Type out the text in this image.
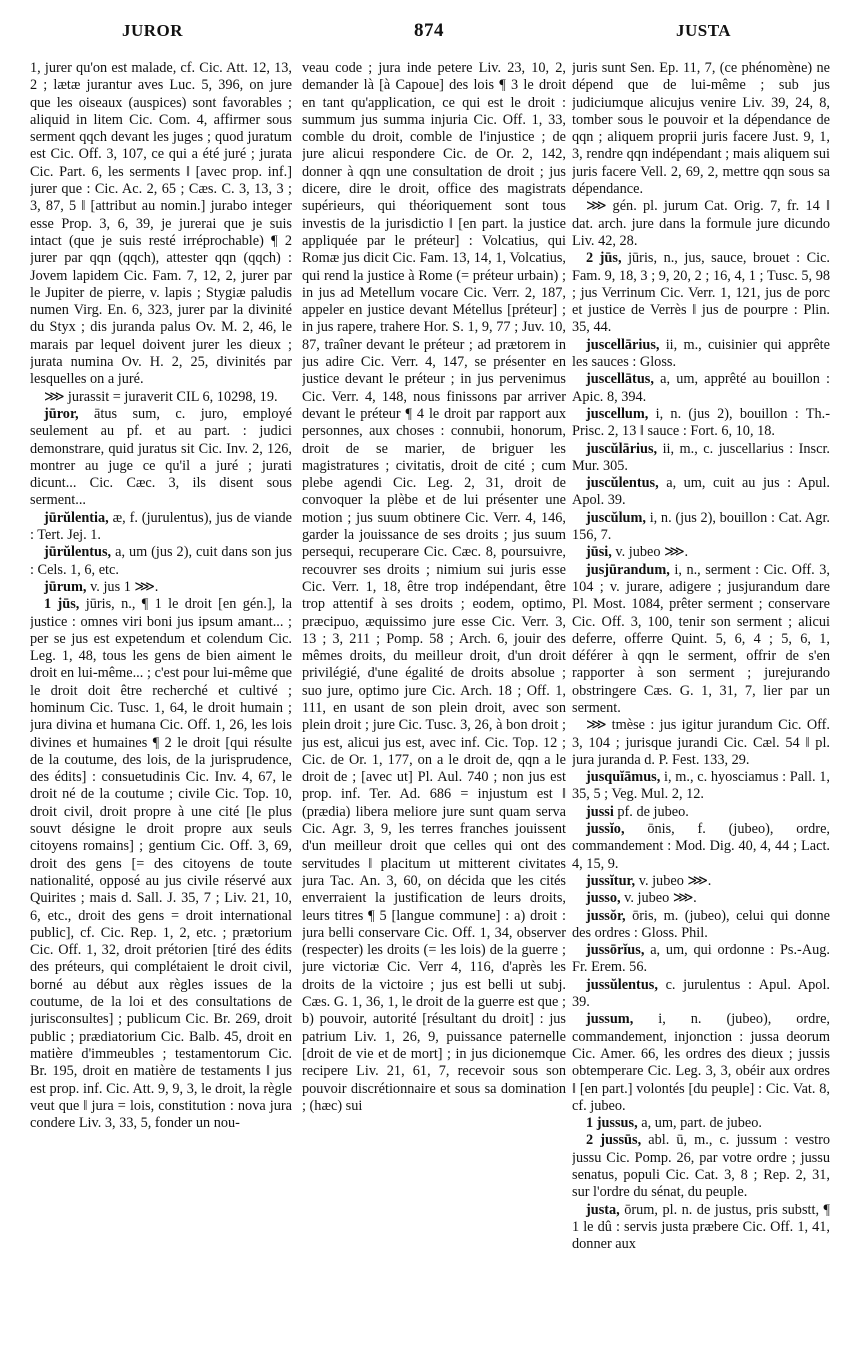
JUROR	874	JUSTA

1, jurer qu'on est malade, cf. Cic. Att. 12, 13, 2 ; lætæ jurantur aves Luc. 5, 396, on jure que les oiseaux (auspices) sont favorables ; aliquid in litem Cic. Com. 4, affirmer sous serment qqch devant les juges ; quod juratum est Cic. Off. 3, 107, ce qui a été juré ; jurata Cic. Part. 6, les serments ‖ [avec prop. inf.] jurer que : Cic. Ac. 2, 65 ; Cæs. C. 3, 13, 3 ; 3, 87, 5 ‖ [attribut au nomin.] jurabo integer esse Prop. 3, 6, 39, je jurerai que je suis intact (que je suis resté irréprochable) ¶ 2 jurer par qqn (qqch), attester qqn (qqch) : Jovem lapidem Cic. Fam. 7, 12, 2, jurer par le Jupiter de pierre, v. lapis ; Stygiæ paludis numen Virg. En. 6, 323, jurer par la divinité du Styx ; dis juranda palus Ov. M. 2, 46, le marais par lequel doivent jurer les dieux ; jurata numina Ov. H. 2, 25, divinités par lesquelles on a juré.

⋙ jurassit = juraverit CIL 6, 10298, 19.

jūror, ātus sum, c. juro, employé seulement au pf. et au part. : judici demonstrare, quid juratus sit Cic. Inv. 2, 126, montrer au juge ce qu'il a juré ; jurati dicunt... Cic. Cæc. 3, ils disent sous serment...

jūrŭlentia, æ, f. (jurulentus), jus de viande : Tert. Jej. 1.

jūrŭlentus, a, um (jus 2), cuit dans son jus : Cels. 1, 6, etc.

jūrum, v. jus 1 ⋙.

1 jūs, jūris, n., ¶ 1 le droit [en gén.], la justice : omnes viri boni jus ipsum amant... ; per se jus est expetendum et colendum Cic. Leg. 1, 48, tous les gens de bien aiment le droit en lui-même... ; c'est pour lui-même que le droit doit être recherché et cultivé ; hominum Cic. Tusc. 1, 64, le droit humain ; jura divina et humana Cic. Off. 1, 26, les lois divines et humaines ¶ 2 le droit [qui résulte de la coutume, des lois, de la jurisprudence, des édits] : consuetudinis Cic. Inv. 4, 67, le droit né de la coutume ; civile Cic. Top. 10, droit civil, droit propre à une cité [le plus souvt désigne le droit propre aux seuls citoyens romains] ; gentium Cic. Off. 3, 69, droit des gens [= des citoyens de toute nationalité, opposé au jus civile réservé aux Quirites ; mais d. Sall. J. 35, 7 ; Liv. 21, 10, 6, etc., droit des gens = droit international public], cf. Cic. Rep. 1, 2, etc. ; prætorium Cic. Off. 1, 32, droit prétorien [tiré des édits des préteurs, qui complétaient le droit civil, borné au début aux règles issues de la coutume, de la loi et des consultations de jurisconsultes] ; publicum Cic. Br. 269, droit public ; prædiatorium Cic. Balb. 45, droit en matière d'immeubles ; testamentorum Cic. Br. 195, droit en matière de testaments ‖ jus est prop. inf. Cic. Att. 9, 9, 3, le droit, la règle veut que ‖ jura = lois, constitution : nova jura condere Liv. 3, 33, 5, fonder un nou-

veau code ; jura inde petere Liv. 23, 10, 2, demander là [à Capoue] des lois ¶ 3 le droit en tant qu'application, ce qui est le droit : summum jus summa injuria Cic. Off. 1, 33, comble du droit, comble de l'injustice ; de jure alicui respondere Cic. de Or. 2, 142, donner à qqn une consultation de droit ; jus dicere, dire le droit, office des magistrats supérieurs, qui théoriquement sont tous investis de la jurisdictio ‖ [en part. la justice appliquée par le préteur] : Volcatius, qui Romæ jus dicit Cic. Fam. 13, 14, 1, Volcatius, qui rend la justice à Rome (= préteur urbain) ; in jus ad Metellum vocare Cic. Verr. 2, 187, appeler en justice devant Métellus [préteur] ; in jus rapere, trahere Hor. S. 1, 9, 77 ; Juv. 10, 87, traîner devant le préteur ; ad prætorem in jus adire Cic. Verr. 4, 147, se présenter en justice devant le préteur ; in jus pervenimus Cic. Verr. 4, 148, nous finissons par arriver devant le préteur ¶ 4 le droit par rapport aux personnes, aux choses : connubii, honorum, droit de se marier, de briguer les magistratures ; civitatis, droit de cité ; cum plebe agendi Cic. Leg. 2, 31, droit de convoquer la plèbe et de lui présenter une motion ; jus suum obtinere Cic. Verr. 4, 146, garder la jouissance de ses droits ; jus suum persequi, recuperare Cic. Cæc. 8, poursuivre, recouvrer ses droits ; nimium sui juris esse Cic. Verr. 1, 18, être trop indépendant, être trop attentif à ses droits ; eodem, optimo, præcipuo, æquissimo jure esse Cic. Verr. 3, 13 ; 3, 211 ; Pomp. 58 ; Arch. 6, jouir des mêmes droits, du meilleur droit, d'un droit privilégié, d'une égalité de droits absolue ; suo jure, optimo jure Cic. Arch. 18 ; Off. 1, 111, en usant de son plein droit, avec son plein droit ; jure Cic. Tusc. 3, 26, à bon droit ; jus est, alicui jus est, avec inf. Cic. Top. 12 ; Cic. de Or. 1, 177, on a le droit de, qqn a le droit de ; [avec ut] Pl. Aul. 740 ; non jus est prop. inf. Ter. Ad. 686 = injustum est ‖ (prædia) libera meliore jure sunt quam serva Cic. Agr. 3, 9, les terres franches jouissent d'un meilleur droit que celles qui ont des servitudes ‖ placitum ut mitterent civitates jura Tac. An. 3, 60, on décida que les cités enverraient la justification de leurs droits, leurs titres ¶ 5 [langue commune] : a) droit : jura belli conservare Cic. Off. 1, 34, observer (respecter) les droits (= les lois) de la guerre ; jure victoriæ Cic. Verr 4, 116, d'après les droits de la victoire ; jus est belli ut subj. Cæs. G. 1, 36, 1, le droit de la guerre est que ; b) pouvoir, autorité [résultant du droit] : jus patrium Liv. 1, 26, 9, puissance paternelle [droit de vie et de mort] ; in jus dicionemque recipere Liv. 21, 61, 7, recevoir sous son pouvoir discrétionnaire et sous sa domination ; (hæc) sui

juris sunt Sen. Ep. 11, 7, (ce phénomène) ne dépend que de lui-même ; sub jus judiciumque alicujus venire Liv. 39, 24, 8, tomber sous le pouvoir et la dépendance de qqn ; aliquem proprii juris facere Just. 9, 1, 3, rendre qqn indépendant ; mais aliquem sui juris facere Vell. 2, 69, 2, mettre qqn sous sa dépendance.

⋙ gén. pl. jurum Cat. Orig. 7, fr. 14 ‖ dat. arch. jure dans la formule jure dicundo Liv. 42, 28.

2 jūs, jūris, n., jus, sauce, brouet : Cic. Fam. 9, 18, 3 ; 9, 20, 2 ; 16, 4, 1 ; Tusc. 5, 98 ; jus Verrinum Cic. Verr. 1, 121, jus de porc et justice de Verrès ‖ jus de pourpre : Plin. 35, 44.

juscellārius, ii, m., cuisinier qui apprête les sauces : Gloss.

juscellātus, a, um, apprêté au bouillon : Apic. 8, 394.

juscellum, i, n. (jus 2), bouillon : Th.-Prisc. 2, 13 ‖ sauce : Fort. 6, 10, 18.

juscŭlārius, ii, m., c. juscellarius : Inscr. Mur. 305.

juscŭlentus, a, um, cuit au jus : Apul. Apol. 39.

juscŭlum, i, n. (jus 2), bouillon : Cat. Agr. 156, 7.

jūsi, v. jubeo ⋙.

jusjūrandum, i, n., serment : Cic. Off. 3, 104 ; v. jurare, adigere ; jusjurandum dare Pl. Most. 1084, prêter serment ; conservare Cic. Off. 3, 100, tenir son serment ; alicui deferre, offerre Quint. 5, 6, 4 ; 5, 6, 1, déférer à qqn le serment, offrir de s'en rapporter à son serment ; jurejurando obstringere Cæs. G. 1, 31, 7, lier par un serment.

⋙ tmèse : jus igitur jurandum Cic. Off. 3, 104 ; jurisque jurandi Cic. Cæl. 54 ‖ pl. jura juranda d. P. Fest. 133, 29.

jusquĭāmus, i, m., c. hyosciamus : Pall. 1, 35, 5 ; Veg. Mul. 2, 12.

jussi pf. de jubeo.

jussĭo, ōnis, f. (jubeo), ordre, commandement : Mod. Dig. 40, 4, 44 ; Lact. 4, 15, 9.

jussĭtur, v. jubeo ⋙.

jusso, v. jubeo ⋙.

jussŏr, ōris, m. (jubeo), celui qui donne des ordres : Gloss. Phil.

jussōrĭus, a, um, qui ordonne : Ps.-Aug. Fr. Erem. 56.

jussŭlentus, c. jurulentus : Apul. Apol. 39.

jussum, i, n. (jubeo), ordre, commandement, injonction : jussa deorum Cic. Amer. 66, les ordres des dieux ; jussis obtemperare Cic. Leg. 3, 3, obéir aux ordres ‖ [en part.] volontés [du peuple] : Cic. Vat. 8, cf. jubeo.

1 jussus, a, um, part. de jubeo.

2 jussūs, abl. ū, m., c. jussum : vestro jussu Cic. Pomp. 26, par votre ordre ; jussu senatus, populi Cic. Cat. 3, 8 ; Rep. 2, 31, sur l'ordre du sénat, du peuple.

justa, ōrum, pl. n. de justus, pris substt, ¶ 1 le dû : servis justa præbere Cic. Off. 1, 41, donner aux
